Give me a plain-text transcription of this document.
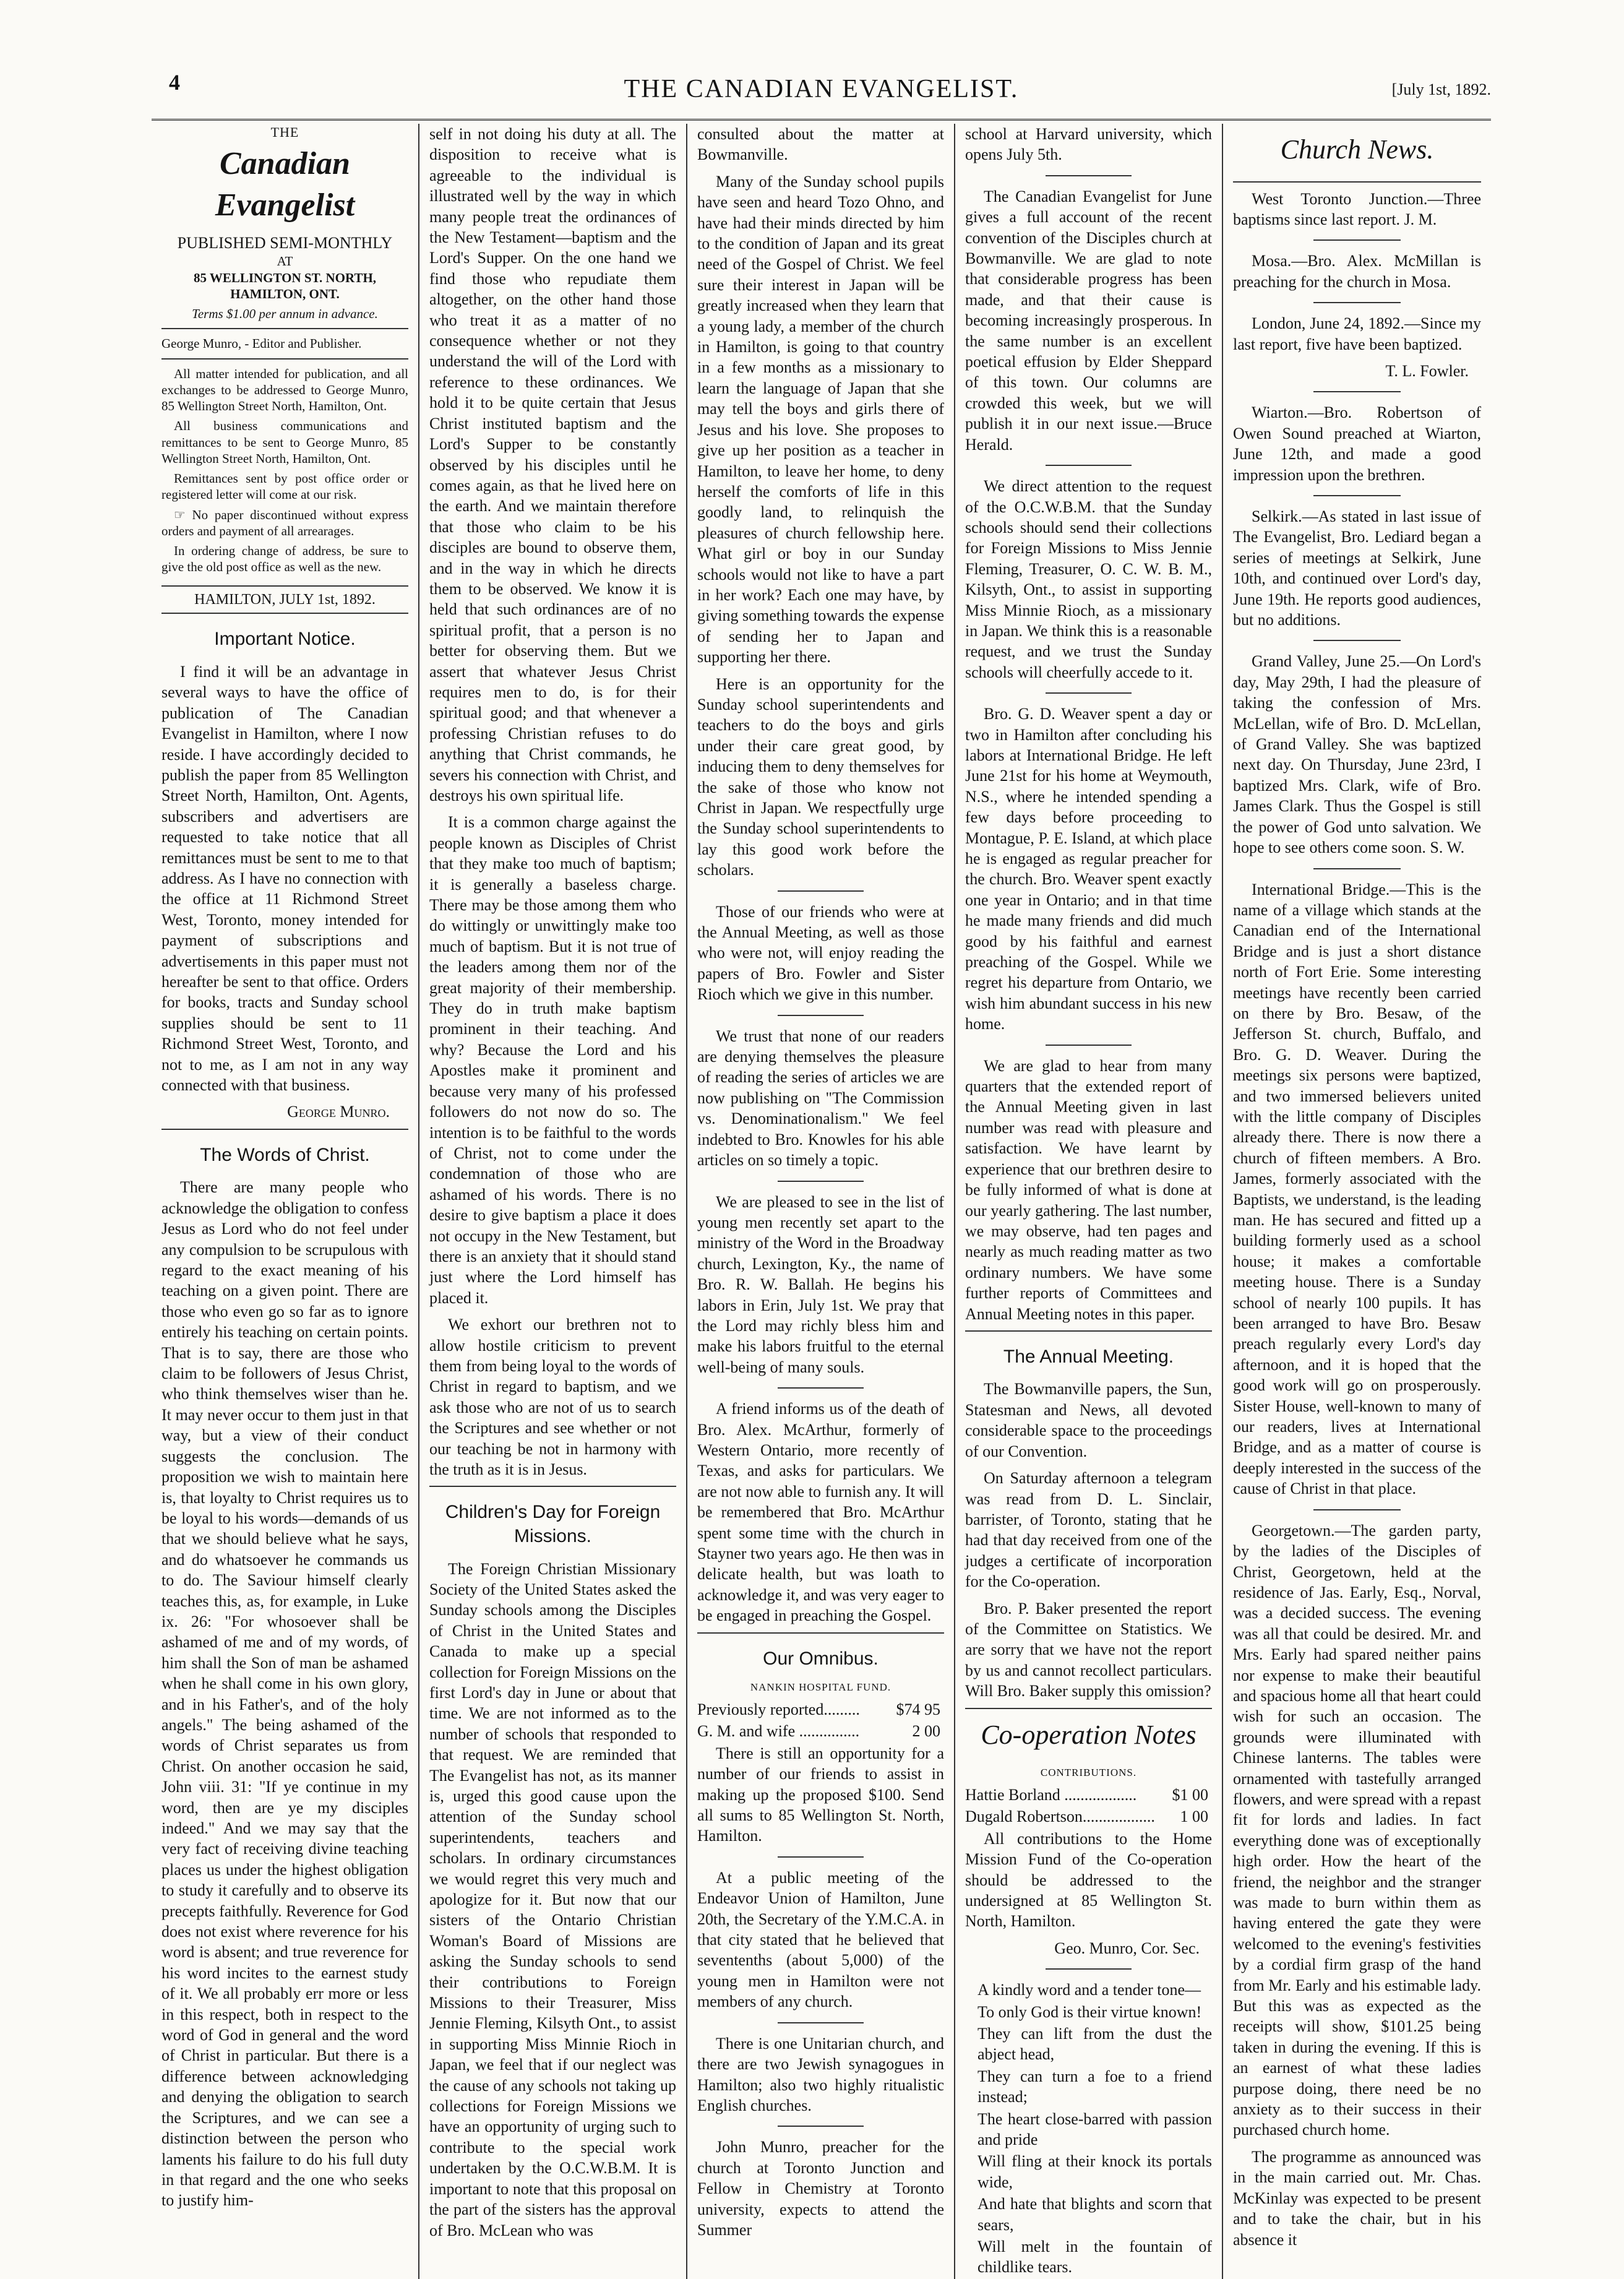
4	THE CANADIAN EVANGELIST.	[July 1st, 1892.
THE
Canadian Evangelist
PUBLISHED SEMI-MONTHLY
AT
85 WELLINGTON ST. NORTH, HAMILTON, ONT.
Terms $1.00 per annum in advance.
George Munro, - Editor and Publisher.

All matter intended for publication, and all exchanges to be addressed to George Munro, 85 Wellington Street North, Hamilton, Ont.

All business communications and remittances to be sent to George Munro, 85 Wellington Street North, Hamilton, Ont.

Remittances sent by post office order or registered letter will come at our risk.

☞ No paper discontinued without express orders and payment of all arrearages.

In ordering change of address, be sure to give the old post office as well as the new.

HAMILTON, JULY 1st, 1892.
Important Notice.

I find it will be an advantage in several ways to have the office of publication of The Canadian Evangelist in Hamilton, where I now reside. I have accordingly decided to publish the paper from 85 Wellington Street North, Hamilton, Ont. Agents, subscribers and advertisers are requested to take notice that all remittances must be sent to me to that address. As I have no connection with the office at 11 Richmond Street West, Toronto, money intended for payment of subscriptions and advertisements in this paper must not hereafter be sent to that office. Orders for books, tracts and Sunday school supplies should be sent to 11 Richmond Street West, Toronto, and not to me, as I am not in any way connected with that business.

George Munro.
The Words of Christ.

There are many people who acknowledge the obligation to confess Jesus as Lord who do not feel under any compulsion to be scrupulous with regard to the exact meaning of his teaching on a given point. There are those who even go so far as to ignore entirely his teaching on certain points. That is to say, there are those who claim to be followers of Jesus Christ, who think themselves wiser than he. It may never occur to them just in that way, but a view of their conduct suggests the conclusion. The proposition we wish to maintain here is, that loyalty to Christ requires us to be loyal to his words—demands of us that we should believe what he says, and do whatsoever he commands us to do. The Saviour himself clearly teaches this, as, for example, in Luke ix. 26: "For whosoever shall be ashamed of me and of my words, of him shall the Son of man be ashamed when he shall come in his own glory, and in his Father's, and of the holy angels." The being ashamed of the words of Christ separates us from Christ. On another occasion he said, John viii. 31: "If ye continue in my word, then are ye my disciples indeed." And we may say that the very fact of receiving divine teaching places us under the highest obligation to study it carefully and to observe its precepts faithfully. Reverence for God does not exist where reverence for his word is absent; and true reverence for his word incites to the earnest study of it. We all probably err more or less in this respect, both in respect to the word of God in general and the word of Christ in particular. But there is a difference between acknowledging and denying the obligation to search the Scriptures, and we can see a distinction between the person who laments his failure to do his full duty in that regard and the one who seeks to justify him-

self in not doing his duty at all. The disposition to receive what is agreeable to the individual is illustrated well by the way in which many people treat the ordinances of the New Testament—baptism and the Lord's Supper. On the one hand we find those who repudiate them altogether, on the other hand those who treat it as a matter of no consequence whether or not they understand the will of the Lord with reference to these ordinances. We hold it to be quite certain that Jesus Christ instituted baptism and the Lord's Supper to be constantly observed by his disciples until he comes again, as that he lived here on the earth. And we maintain therefore that those who claim to be his disciples are bound to observe them, and in the way in which he directs them to be observed. We know it is held that such ordinances are of no spiritual profit, that a person is no better for observing them. But we assert that whatever Jesus Christ requires men to do, is for their spiritual good; and that whenever a professing Christian refuses to do anything that Christ commands, he severs his connection with Christ, and destroys his own spiritual life.

It is a common charge against the people known as Disciples of Christ that they make too much of baptism; it is generally a baseless charge. There may be those among them who do wittingly or unwittingly make too much of baptism. But it is not true of the leaders among them nor of the great majority of their membership. They do in truth make baptism prominent in their teaching. And why? Because the Lord and his Apostles make it prominent and because very many of his professed followers do not now do so. The intention is to be faithful to the words of Christ, not to come under the condemnation of those who are ashamed of his words. There is no desire to give baptism a place it does not occupy in the New Testament, but there is an anxiety that it should stand just where the Lord himself has placed it.

We exhort our brethren not to allow hostile criticism to prevent them from being loyal to the words of Christ in regard to baptism, and we ask those who are not of us to search the Scriptures and see whether or not our teaching be not in harmony with the truth as it is in Jesus.

Children's Day for Foreign Missions.

The Foreign Christian Missionary Society of the United States asked the Sunday schools among the Disciples of Christ in the United States and Canada to make up a special collection for Foreign Missions on the first Lord's day in June or about that time. We are not informed as to the number of schools that responded to that request. We are reminded that The Evangelist has not, as its manner is, urged this good cause upon the attention of the Sunday school superintendents, teachers and scholars. In ordinary circumstances we would regret this very much and apologize for it. But now that our sisters of the Ontario Christian Woman's Board of Missions are asking the Sunday schools to send their contributions to Foreign Missions to their Treasurer, Miss Jennie Fleming, Kilsyth Ont., to assist in supporting Miss Minnie Rioch in Japan, we feel that if our neglect was the cause of any schools not taking up collections for Foreign Missions we have an opportunity of urging such to contribute to the special work undertaken by the O.C.W.B.M. It is important to note that this proposal on the part of the sisters has the approval of Bro. McLean who was

consulted about the matter at Bowmanville.

Many of the Sunday school pupils have seen and heard Tozo Ohno, and have had their minds directed by him to the condition of Japan and its great need of the Gospel of Christ. We feel sure their interest in Japan will be greatly increased when they learn that a young lady, a member of the church in Hamilton, is going to that country in a few months as a missionary to learn the language of Japan that she may tell the boys and girls there of Jesus and his love. She proposes to give up her position as a teacher in Hamilton, to leave her home, to deny herself the comforts of life in this goodly land, to relinquish the pleasures of church fellowship here. What girl or boy in our Sunday schools would not like to have a part in her work? Each one may have, by giving something towards the expense of sending her to Japan and supporting her there.

Here is an opportunity for the Sunday school superintendents and teachers to do the boys and girls under their care great good, by inducing them to deny themselves for the sake of those who know not Christ in Japan. We respectfully urge the Sunday school superintendents to lay this good work before the scholars.

Those of our friends who were at the Annual Meeting, as well as those who were not, will enjoy reading the papers of Bro. Fowler and Sister Rioch which we give in this number.

We trust that none of our readers are denying themselves the pleasure of reading the series of articles we are now publishing on "The Commission vs. Denominationalism." We feel indebted to Bro. Knowles for his able articles on so timely a topic.

We are pleased to see in the list of young men recently set apart to the ministry of the Word in the Broadway church, Lexington, Ky., the name of Bro. R. W. Ballah. He begins his labors in Erin, July 1st. We pray that the Lord may richly bless him and make his labors fruitful to the eternal well-being of many souls.

A friend informs us of the death of Bro. Alex. McArthur, formerly of Western Ontario, more recently of Texas, and asks for particulars. We are not now able to furnish any. It will be remembered that Bro. McArthur spent some time with the church in Stayner two years ago. He then was in delicate health, but was loath to acknowledge it, and was very eager to be engaged in preaching the Gospel.

Our Omnibus.
NANKIN HOSPITAL FUND.
Previously reported......... $74 95
G. M. and wife ...............	2 00

There is still an opportunity for a number of our friends to assist in making up the proposed $100. Send all sums to 85 Wellington St. North, Hamilton.

At a public meeting of the Endeavor Union of Hamilton, June 20th, the Secretary of the Y.M.C.A. in that city stated that he believed that seventenths (about 5,000) of the young men in Hamilton were not members of any church.

There is one Unitarian church, and there are two Jewish synagogues in Hamilton; also two highly ritualistic English churches.

John Munro, preacher for the church at Toronto Junction and Fellow in Chemistry at Toronto university, expects to attend the Summer

school at Harvard university, which opens July 5th.

The Canadian Evangelist for June gives a full account of the recent convention of the Disciples church at Bowmanville. We are glad to note that considerable progress has been made, and that their cause is becoming increasingly prosperous. In the same number is an excellent poetical effusion by Elder Sheppard of this town. Our columns are crowded this week, but we will publish it in our next issue.—Bruce Herald.

We direct attention to the request of the O.C.W.B.M. that the Sunday schools should send their collections for Foreign Missions to Miss Jennie Fleming, Treasurer, O. C. W. B. M., Kilsyth, Ont., to assist in supporting Miss Minnie Rioch, as a missionary in Japan. We think this is a reasonable request, and we trust the Sunday schools will cheerfully accede to it.

Bro. G. D. Weaver spent a day or two in Hamilton after concluding his labors at International Bridge. He left June 21st for his home at Weymouth, N.S., where he intended spending a few days before proceeding to Montague, P. E. Island, at which place he is engaged as regular preacher for the church. Bro. Weaver spent exactly one year in Ontario; and in that time he made many friends and did much good by his faithful and earnest preaching of the Gospel. While we regret his departure from Ontario, we wish him abundant success in his new home.

We are glad to hear from many quarters that the extended report of the Annual Meeting given in last number was read with pleasure and satisfaction. We have learnt by experience that our brethren desire to be fully informed of what is done at our yearly gathering. The last number, we may observe, had ten pages and nearly as much reading matter as two ordinary numbers. We have some further reports of Committees and Annual Meeting notes in this paper.

The Annual Meeting.

The Bowmanville papers, the Sun, Statesman and News, all devoted considerable space to the proceedings of our Convention.

On Saturday afternoon a telegram was read from D. L. Sinclair, barrister, of Toronto, stating that he had that day received from one of the judges a certificate of incorporation for the Co-operation.

Bro. P. Baker presented the report of the Committee on Statistics. We are sorry that we have not the report by us and cannot recollect particulars. Will Bro. Baker supply this omission?

Co-operation Notes
CONTRIBUTIONS.
Hattie Borland .................. $1 00
Dugald Robertson.................. 1 00

All contributions to the Home Mission Fund of the Co-operation should be addressed to the undersigned at 85 Wellington St. North, Hamilton.

Geo. Munro, Cor. Sec.

A kindly word and a tender tone—

To only God is their virtue known!

They can lift from the dust the abject head,

They can turn a foe to a friend instead;

The heart close-barred with passion and pride

Will fling at their knock its portals wide,

And hate that blights and scorn that sears,

Will melt in the fountain of childlike tears.

Church News.

West Toronto Junction.—Three baptisms since last report. J. M.

Mosa.—Bro. Alex. McMillan is preaching for the church in Mosa.

London, June 24, 1892.—Since my last report, five have been baptized.

T. L. Fowler.

Wiarton.—Bro. Robertson of Owen Sound preached at Wiarton, June 12th, and made a good impression upon the brethren.

Selkirk.—As stated in last issue of The Evangelist, Bro. Lediard began a series of meetings at Selkirk, June 10th, and continued over Lord's day, June 19th. He reports good audiences, but no additions.

Grand Valley, June 25.—On Lord's day, May 29th, I had the pleasure of taking the confession of Mrs. McLellan, wife of Bro. D. McLellan, of Grand Valley. She was baptized next day. On Thursday, June 23rd, I baptized Mrs. Clark, wife of Bro. James Clark. Thus the Gospel is still the power of God unto salvation. We hope to see others come soon. S. W.

International Bridge.—This is the name of a village which stands at the Canadian end of the International Bridge and is just a short distance north of Fort Erie. Some interesting meetings have recently been carried on there by Bro. Besaw, of the Jefferson St. church, Buffalo, and Bro. G. D. Weaver. During the meetings six persons were baptized, and two immersed believers united with the little company of Disciples already there. There is now there a church of fifteen members. A Bro. James, formerly associated with the Baptists, we understand, is the leading man. He has secured and fitted up a building formerly used as a school house; it makes a comfortable meeting house. There is a Sunday school of nearly 100 pupils. It has been arranged to have Bro. Besaw preach regularly every Lord's day afternoon, and it is hoped that the good work will go on prosperously. Sister House, well-known to many of our readers, lives at International Bridge, and as a matter of course is deeply interested in the success of the cause of Christ in that place.

Georgetown.—The garden party, by the ladies of the Disciples of Christ, Georgetown, held at the residence of Jas. Early, Esq., Norval, was a decided success. The evening was all that could be desired. Mr. and Mrs. Early had spared neither pains nor expense to make their beautiful and spacious home all that heart could wish for such an occasion. The grounds were illuminated with Chinese lanterns. The tables were ornamented with tastefully arranged flowers, and were spread with a repast fit for lords and ladies. In fact everything done was of exceptionally high order. How the heart of the friend, the neighbor and the stranger was made to burn within them as having entered the gate they were welcomed to the evening's festivities by a cordial firm grasp of the hand from Mr. Early and his estimable lady. But this was as expected as the receipts will show, $101.25 being taken in during the evening. If this is an earnest of what these ladies purpose doing, there need be no anxiety as to their success in their purchased church home.

The programme as announced was in the main carried out. Mr. Chas. McKinlay was expected to be present and to take the chair, but in his absence it
